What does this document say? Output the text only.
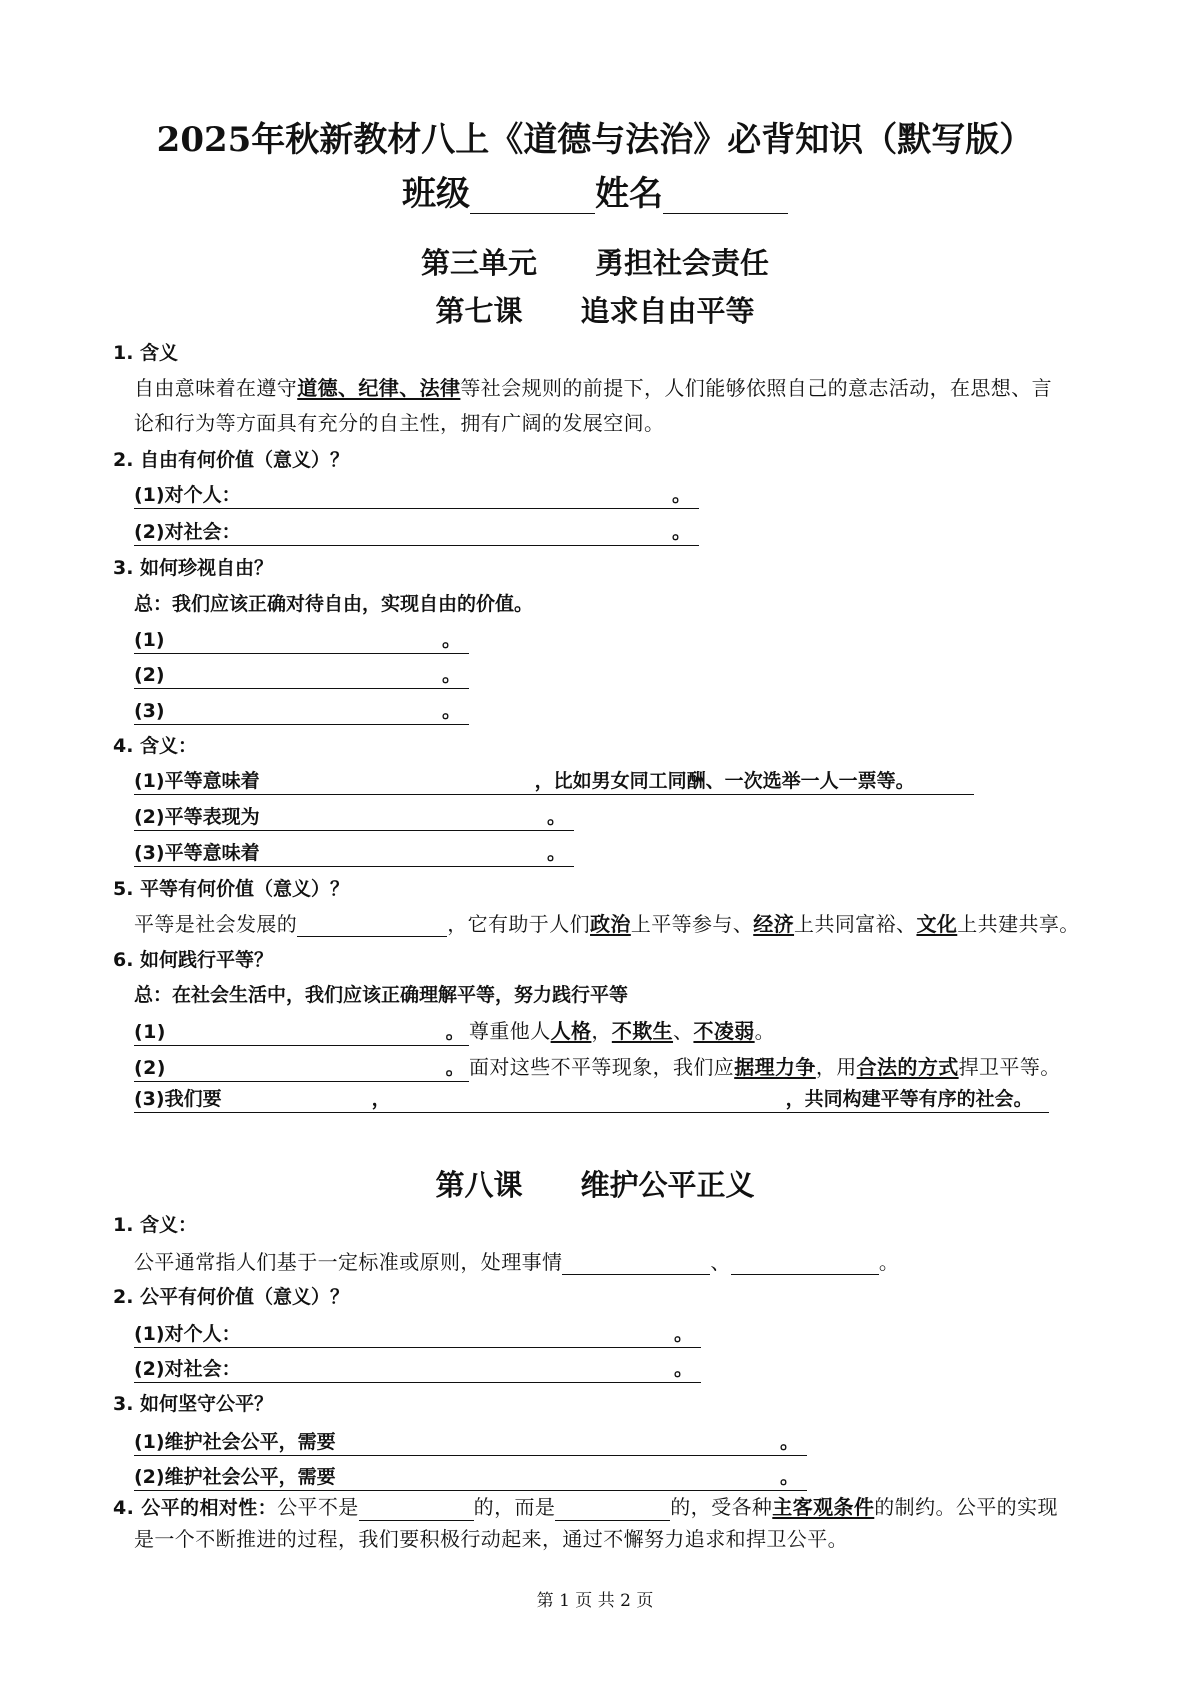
2025年秋新教材八上《道德与法治》必背知识（默写版）
班级	姓名
第三单元　　勇担社会责任
第七课　　追求自由平等
1. 含义
自由意味着在遵守道德、纪律、法律等社会规则的前提下，人们能够依照自己的意志活动，在思想、言
论和行为等方面具有充分的自主性，拥有广阔的发展空间。
2. 自由有何价值（意义）？
(1)对个人：	。
(2)对社会：	。
3. 如何珍视自由？
总：我们应该正确对待自由，实现自由的价值。
(1)	。
(2)	。
(3)	。
4. 含义：
(1)平等意味着	，比如男女同工同酬、一次选举一人一票等。
(2)平等表现为	。
(3)平等意味着	。
5. 平等有何价值（意义）？
平等是社会发展的	，它有助于人们政治上平等参与、经济上共同富裕、文化上共建共享。
6. 如何践行平等？
总：在社会生活中，我们应该正确理解平等，努力践行平等
(1)	。 尊重他人人格，不欺生、不凌弱。
(2)	。 面对这些不平等现象，我们应据理力争，用合法的方式捍卫平等。
(3)我们要	，	，共同构建平等有序的社会。
第八课　　维护公平正义
1. 含义：
公平通常指人们基于一定标准或原则，处理事情	、	。
2. 公平有何价值（意义）？
(1)对个人：	。
(2)对社会：	。
3. 如何坚守公平？
(1)维护社会公平，需要	。
(2)维护社会公平，需要	。
4. 公平的相对性：公平不是	的，而是	的，受各种主客观条件的制约。公平的实现
是一个不断推进的过程，我们要积极行动起来，通过不懈努力追求和捍卫公平。
第 1 页 共 2 页
